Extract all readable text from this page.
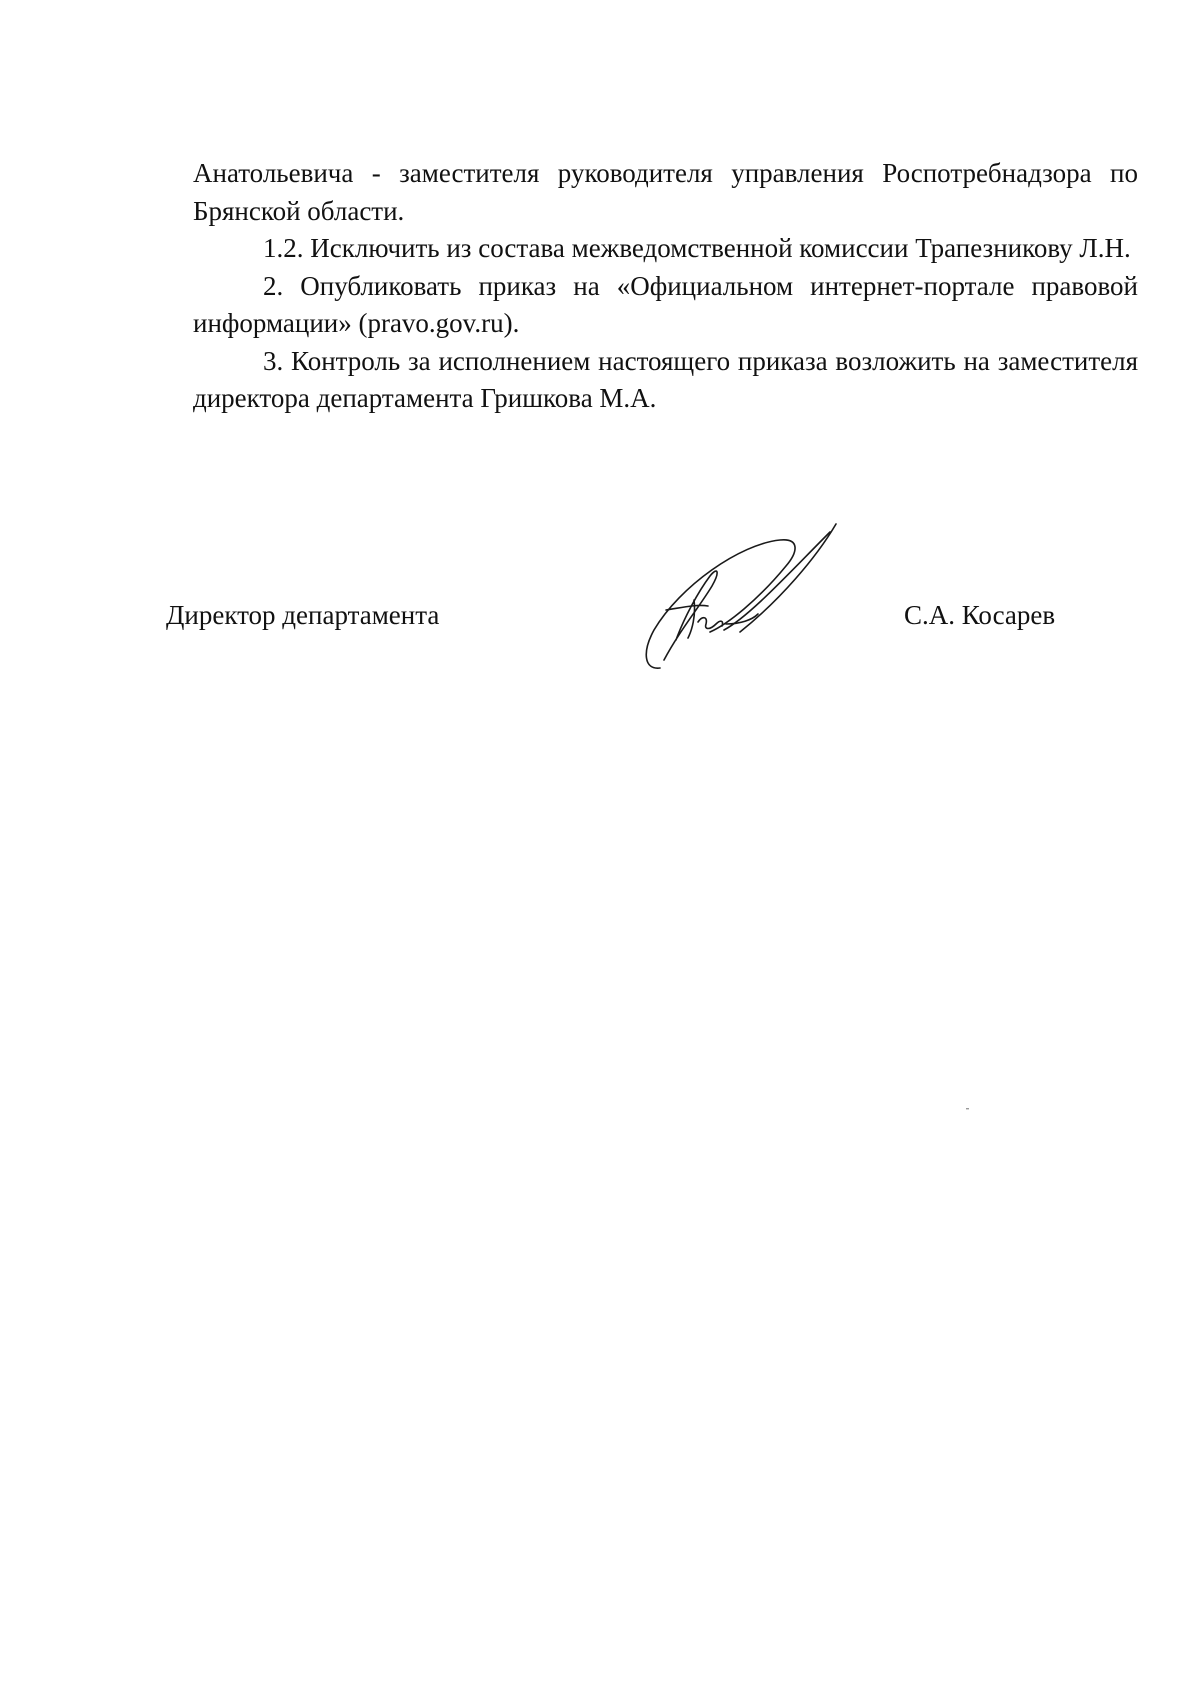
Анатольевича - заместителя руководителя управления Роспотребнадзора по Брянской области.

1.2. Исключить из состава межведомственной комиссии Трапезникову Л.Н.

2. Опубликовать приказ на «Официальном интернет-портале правовой информации» (pravo.gov.ru).

3. Контроль за исполнением настоящего приказа возложить на заместителя директора департамента Гришкова М.А.

Директор департамента	С.А. Косарев
